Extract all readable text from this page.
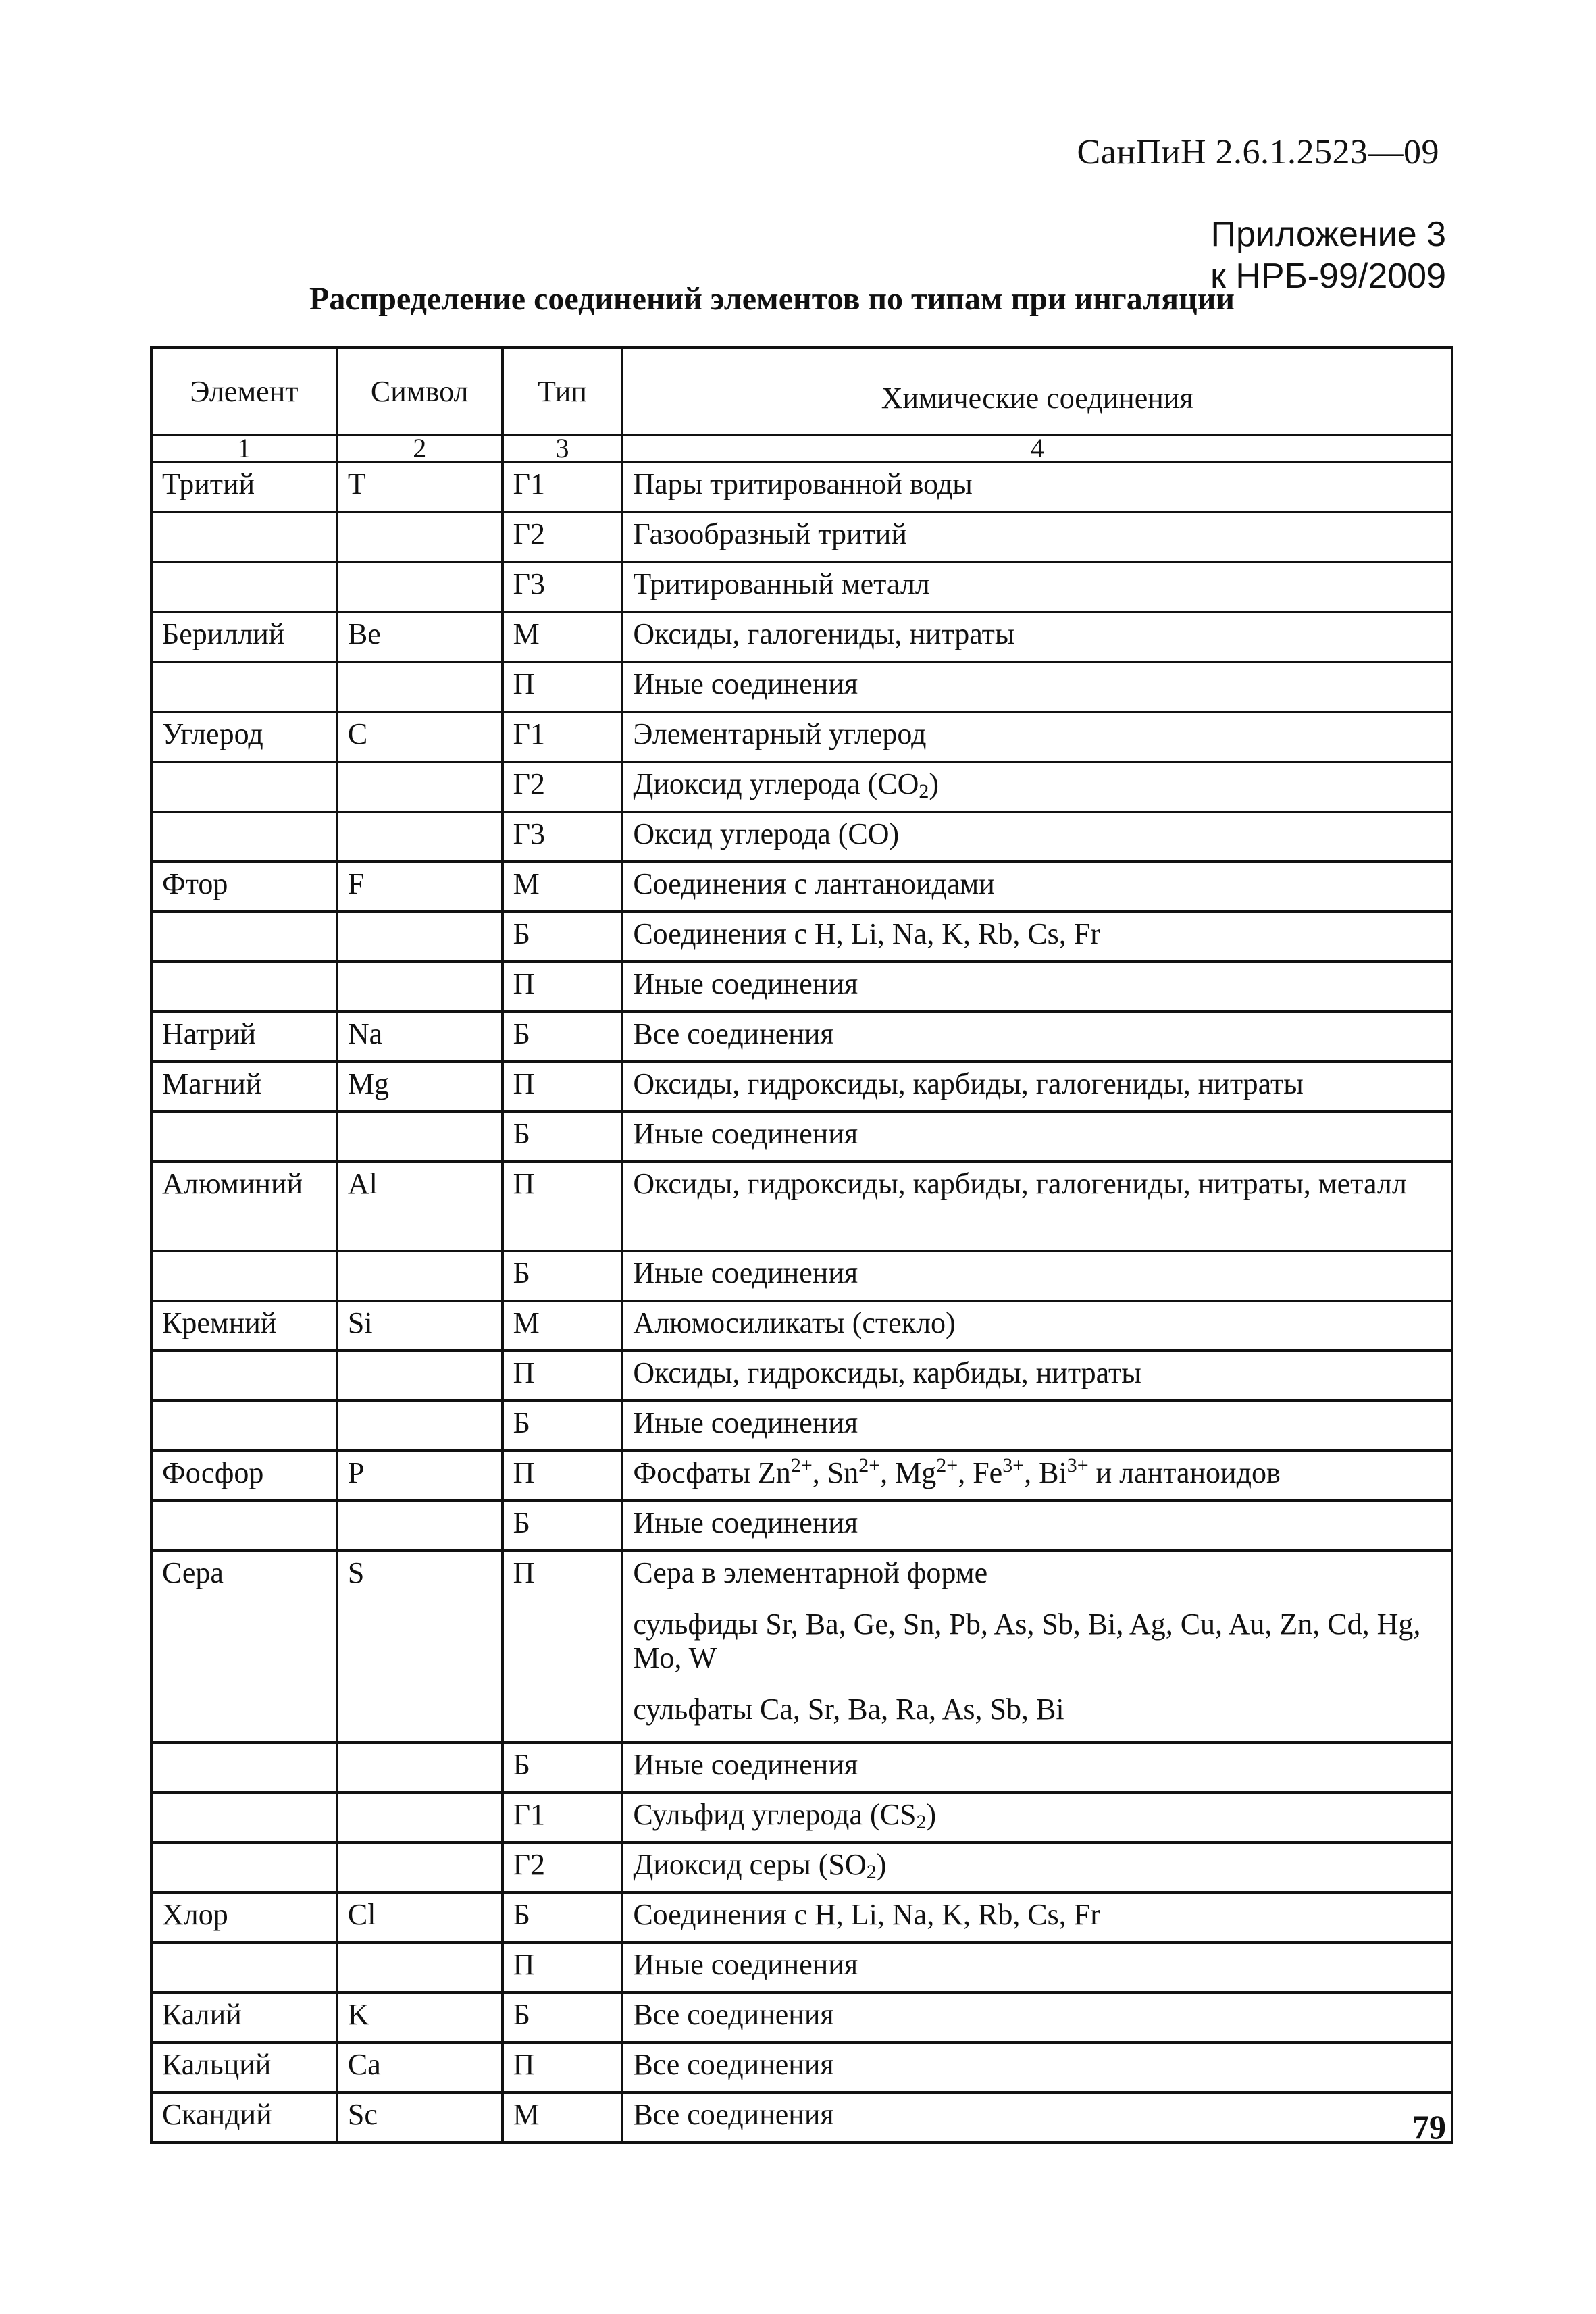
СанПиН 2.6.1.2523—09
Приложение 3
к НРБ-99/2009
Распределение соединений элементов по типам при ингаляции
Элемент	Символ	Тип	Химические соединения
1	2	3	4
Тритий	T	Г1	Пары тритированной воды

		Г2	Газообразный тритий

		Г3	Тритированный металл

Бериллий	Be	М	Оксиды, галогениды, нитраты

		П	Иные соединения

Углерод	C	Г1	Элементарный углерод

		Г2	Диоксид углерода $(CO_2)$

		Г3	Оксид углерода (CO)

Фтор	F	М	Соединения с лантаноидами

		Б	Соединения с H, Li, Na, K, Rb, Cs, Fr

		П	Иные соединения

Натрий	Na	Б	Все соединения

Магний	Mg	П	Оксиды, гидроксиды, карбиды, галогениды, нитраты

		Б	Иные соединения

Алюминий	Al	П	Оксиды, гидроксиды, карбиды, галогениды, нитраты, металл

		Б	Иные соединения

Кремний	Si	М	Алюмосиликаты (стекло)

		П	Оксиды, гидроксиды, карбиды, нитраты

		Б	Иные соединения

Фосфор	P	П	Фосфаты $Zn^{2+}$, $Sn^{2+}$, $Mg^{2+}$, $Fe^{3+}$, $Bi^{3+}$ и лантаноидов

		Б	Иные соединения

Сера	S	П	Сера в элементарной форме
сульфиды Sr, Ba, Ge, Sn, Pb, As, Sb, Bi, Ag, Cu, Au, Zn, Cd, Hg, Mo, W
сульфаты Ca, Sr, Ba, Ra, As, Sb, Bi

		Б	Иные соединения

		Г1	Сульфид углерода $(CS_2)$

		Г2	Диоксид серы $(SO_2)$

Хлор	Cl	Б	Соединения с H, Li, Na, K, Rb, Cs, Fr

		П	Иные соединения

Калий	K	Б	Все соединения

Кальций	Ca	П	Все соединения

Скандий	Sc	М	Все соединения	79
